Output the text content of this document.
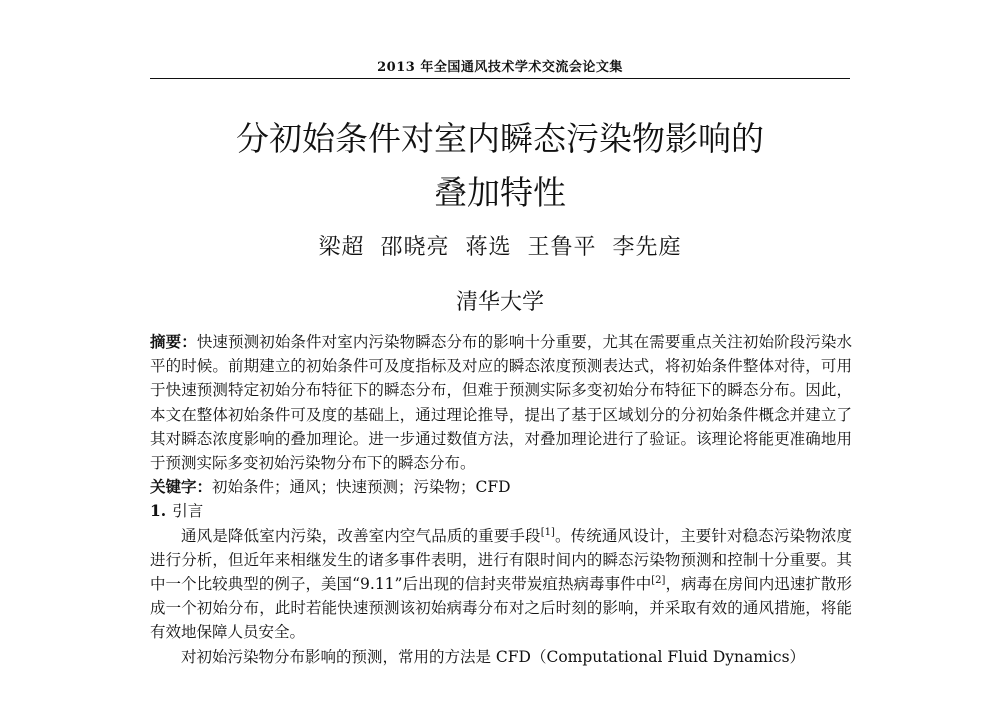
2013 年全国通风技术学术交流会论文集
分初始条件对室内瞬态污染物影响的
叠加特性
梁超  邵晓亮  蒋选  王鲁平  李先庭
清华大学

摘要：快速预测初始条件对室内污染物瞬态分布的影响十分重要，尤其在需要重点关注初始阶段污染水平的时候。前期建立的初始条件可及度指标及对应的瞬态浓度预测表达式，将初始条件整体对待，可用于快速预测特定初始分布特征下的瞬态分布，但难于预测实际多变初始分布特征下的瞬态分布。因此，本文在整体初始条件可及度的基础上，通过理论推导，提出了基于区域划分的分初始条件概念并建立了其对瞬态浓度影响的叠加理论。进一步通过数值方法，对叠加理论进行了验证。该理论将能更准确地用于预测实际多变初始污染物分布下的瞬态分布。

关键字：初始条件；通风；快速预测；污染物；CFD

1. 引言

通风是降低室内污染，改善室内空气品质的重要手段[1]。传统通风设计，主要针对稳态污染物浓度进行分析，但近年来相继发生的诸多事件表明，进行有限时间内的瞬态污染物预测和控制十分重要。其中一个比较典型的例子，美国“9.11”后出现的信封夹带炭疽热病毒事件中[2]，病毒在房间内迅速扩散形成一个初始分布，此时若能快速预测该初始病毒分布对之后时刻的影响，并采取有效的通风措施，将能有效地保障人员安全。

对初始污染物分布影响的预测，常用的方法是 CFD（Computational Fluid Dynamics）
